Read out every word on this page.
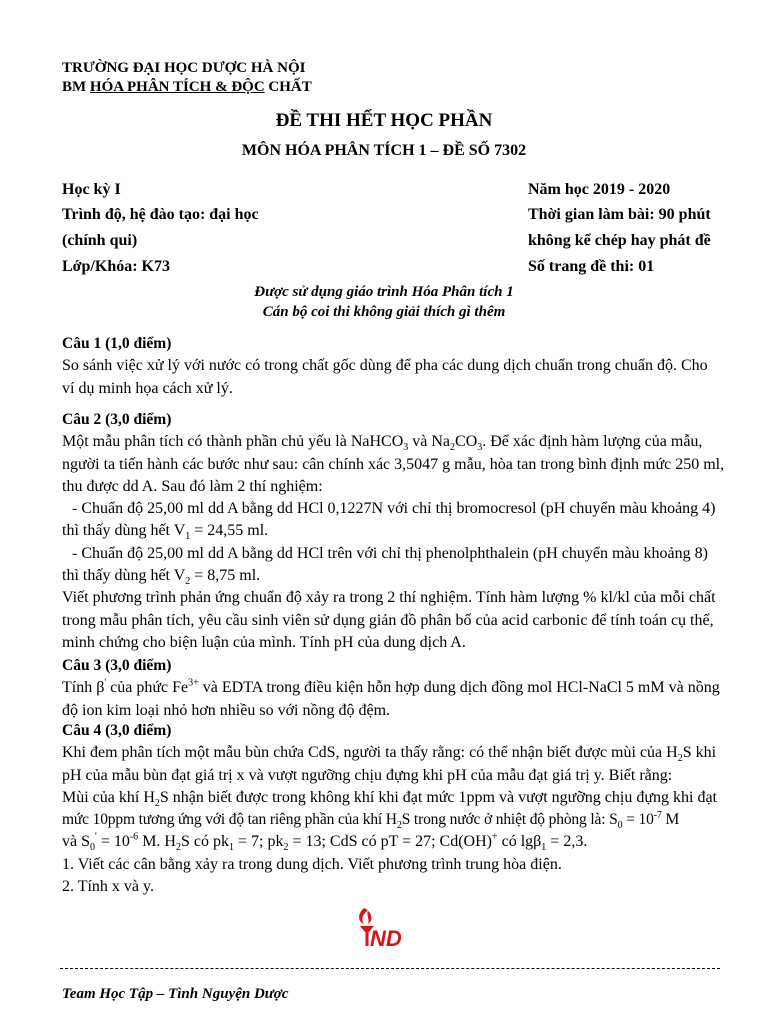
TRƯỜNG ĐẠI HỌC DƯỢC HÀ NỘI
BM HÓA PHÂN TÍCH & ĐỘC CHẤT
ĐỀ THI HẾT HỌC PHẦN
MÔN HÓA PHÂN TÍCH 1 – ĐỀ SỐ 7302
Học kỳ I
Trình độ, hệ đào tạo: đại học
(chính qui)
Lớp/Khóa: K73
Năm học 2019 - 2020
Thời gian làm bài: 90 phút
không kể chép hay phát đề
Số trang đề thi: 01
Được sử dụng giáo trình Hóa Phân tích 1
Cán bộ coi thi không giải thích gì thêm
Câu 1 (1,0 điểm)
So sánh việc xử lý với nước có trong chất gốc dùng để pha các dung dịch chuẩn trong chuẩn độ. Cho
ví dụ minh họa cách xử lý.
Câu 2 (3,0 điểm)
Một mẫu phân tích có thành phần chủ yếu là NaHCO$_3$ và $Na_2CO_3$. Để xác định hàm lượng của mẫu,
người ta tiến hành các bước như sau: cân chính xác 3,5047 g mẫu, hòa tan trong bình định mức 250 ml,
thu được dd A. Sau đó làm 2 thí nghiệm:
- Chuẩn độ 25,00 ml dd A bằng dd HCl 0,1227N với chỉ thị bromocresol (pH chuyển màu khoảng 4)
thì thấy dùng hết $V_1 = 24,55$ ml.
- Chuẩn độ 25,00 ml dd A bằng dd HCl trên với chỉ thị phenolphthalein (pH chuyển màu khoảng 8)
thì thấy dùng hết $V_2 = 8,75$ ml.
Viết phương trình phản ứng chuẩn độ xảy ra trong 2 thí nghiệm. Tính hàm lượng % kl/kl của mỗi chất
trong mẫu phân tích, yêu cầu sinh viên sử dụng giản đồ phân bố của acid carbonic để tính toán cụ thể,
minh chứng cho biện luận của mình. Tính pH của dung dịch A.
Câu 3 (3,0 điểm)
Tính β' của phức $Fe^{3+}$ và EDTA trong điều kiện hỗn hợp dung dịch đồng mol HCl-NaCl 5 mM và nồng
độ ion kim loại nhỏ hơn nhiều so với nồng độ đệm.
Câu 4 (3,0 điểm)
Khi đem phân tích một mẫu bùn chứa CdS, người ta thấy rằng: có thể nhận biết được mùi của $H_2S$ khi
pH của mẫu bùn đạt giá trị x và vượt ngưỡng chịu đựng khi pH của mẫu đạt giá trị y. Biết rằng:
Mùi của khí $H_2S$ nhận biết được trong không khí khi đạt mức 1ppm và vượt ngưỡng chịu đựng khi đạt
mức 10ppm tương ứng với độ tan riêng phần của khí $H_2S$ trong nước ở nhiệt độ phòng là: $S_0 = 10^{-7}$ M
và $S_0' = 10^{-6}$ M. $H_2S$ có $pk_1 = 7$; $pk_2 = 13$; CdS có pT = 27; Cd(OH)+ có lgβ$_1$ = 2,3.
1. Viết các cân bằng xảy ra trong dung dịch. Viết phương trình trung hòa điện.
2. Tính x và y.
ND
Team Học Tập – Tình Nguyện Dược
